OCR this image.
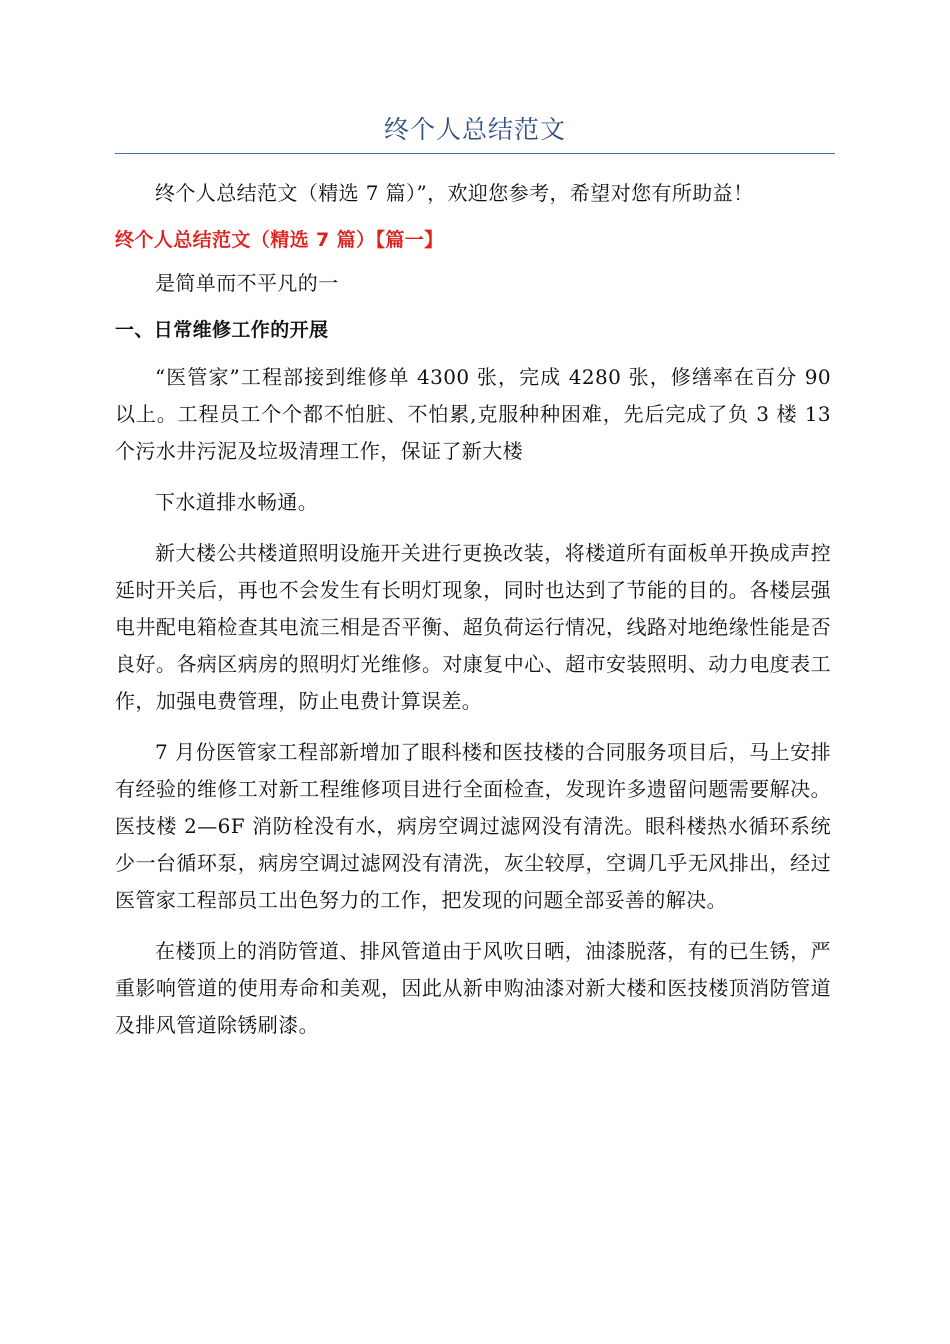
终个人总结范文

终个人总结范文（精选 7 篇）”，欢迎您参考，希望对您有所助益！

终个人总结范文（精选 7 篇）【篇一】

是简单而不平凡的一

一、日常维修工作的开展

“医管家”工程部接到维修单 4300 张，完成 4280 张，修缮率在百分 90 以上。工程员工个个都不怕脏、不怕累,克服种种困难，先后完成了负 3 楼 13 个污水井污泥及垃圾清理工作，保证了新大楼

下水道排水畅通。

新大楼公共楼道照明设施开关进行更换改装，将楼道所有面板单开换成声控延时开关后，再也不会发生有长明灯现象，同时也达到了节能的目的。各楼层强电井配电箱检查其电流三相是否平衡、超负荷运行情况，线路对地绝缘性能是否良好。各病区病房的照明灯光维修。对康复中心、超市安装照明、动力电度表工作，加强电费管理，防止电费计算误差。

7 月份医管家工程部新增加了眼科楼和医技楼的合同服务项目后，马上安排有经验的维修工对新工程维修项目进行全面检查，发现许多遗留问题需要解决。医技楼 2—6F 消防栓没有水，病房空调过滤网没有清洗。眼科楼热水循环系统少一台循环泵，病房空调过滤网没有清洗，灰尘较厚，空调几乎无风排出，经过医管家工程部员工出色努力的工作，把发现的问题全部妥善的解决。

在楼顶上的消防管道、排风管道由于风吹日晒，油漆脱落，有的已生锈，严重影响管道的使用寿命和美观，因此从新申购油漆对新大楼和医技楼顶消防管道及排风管道除锈刷漆。
